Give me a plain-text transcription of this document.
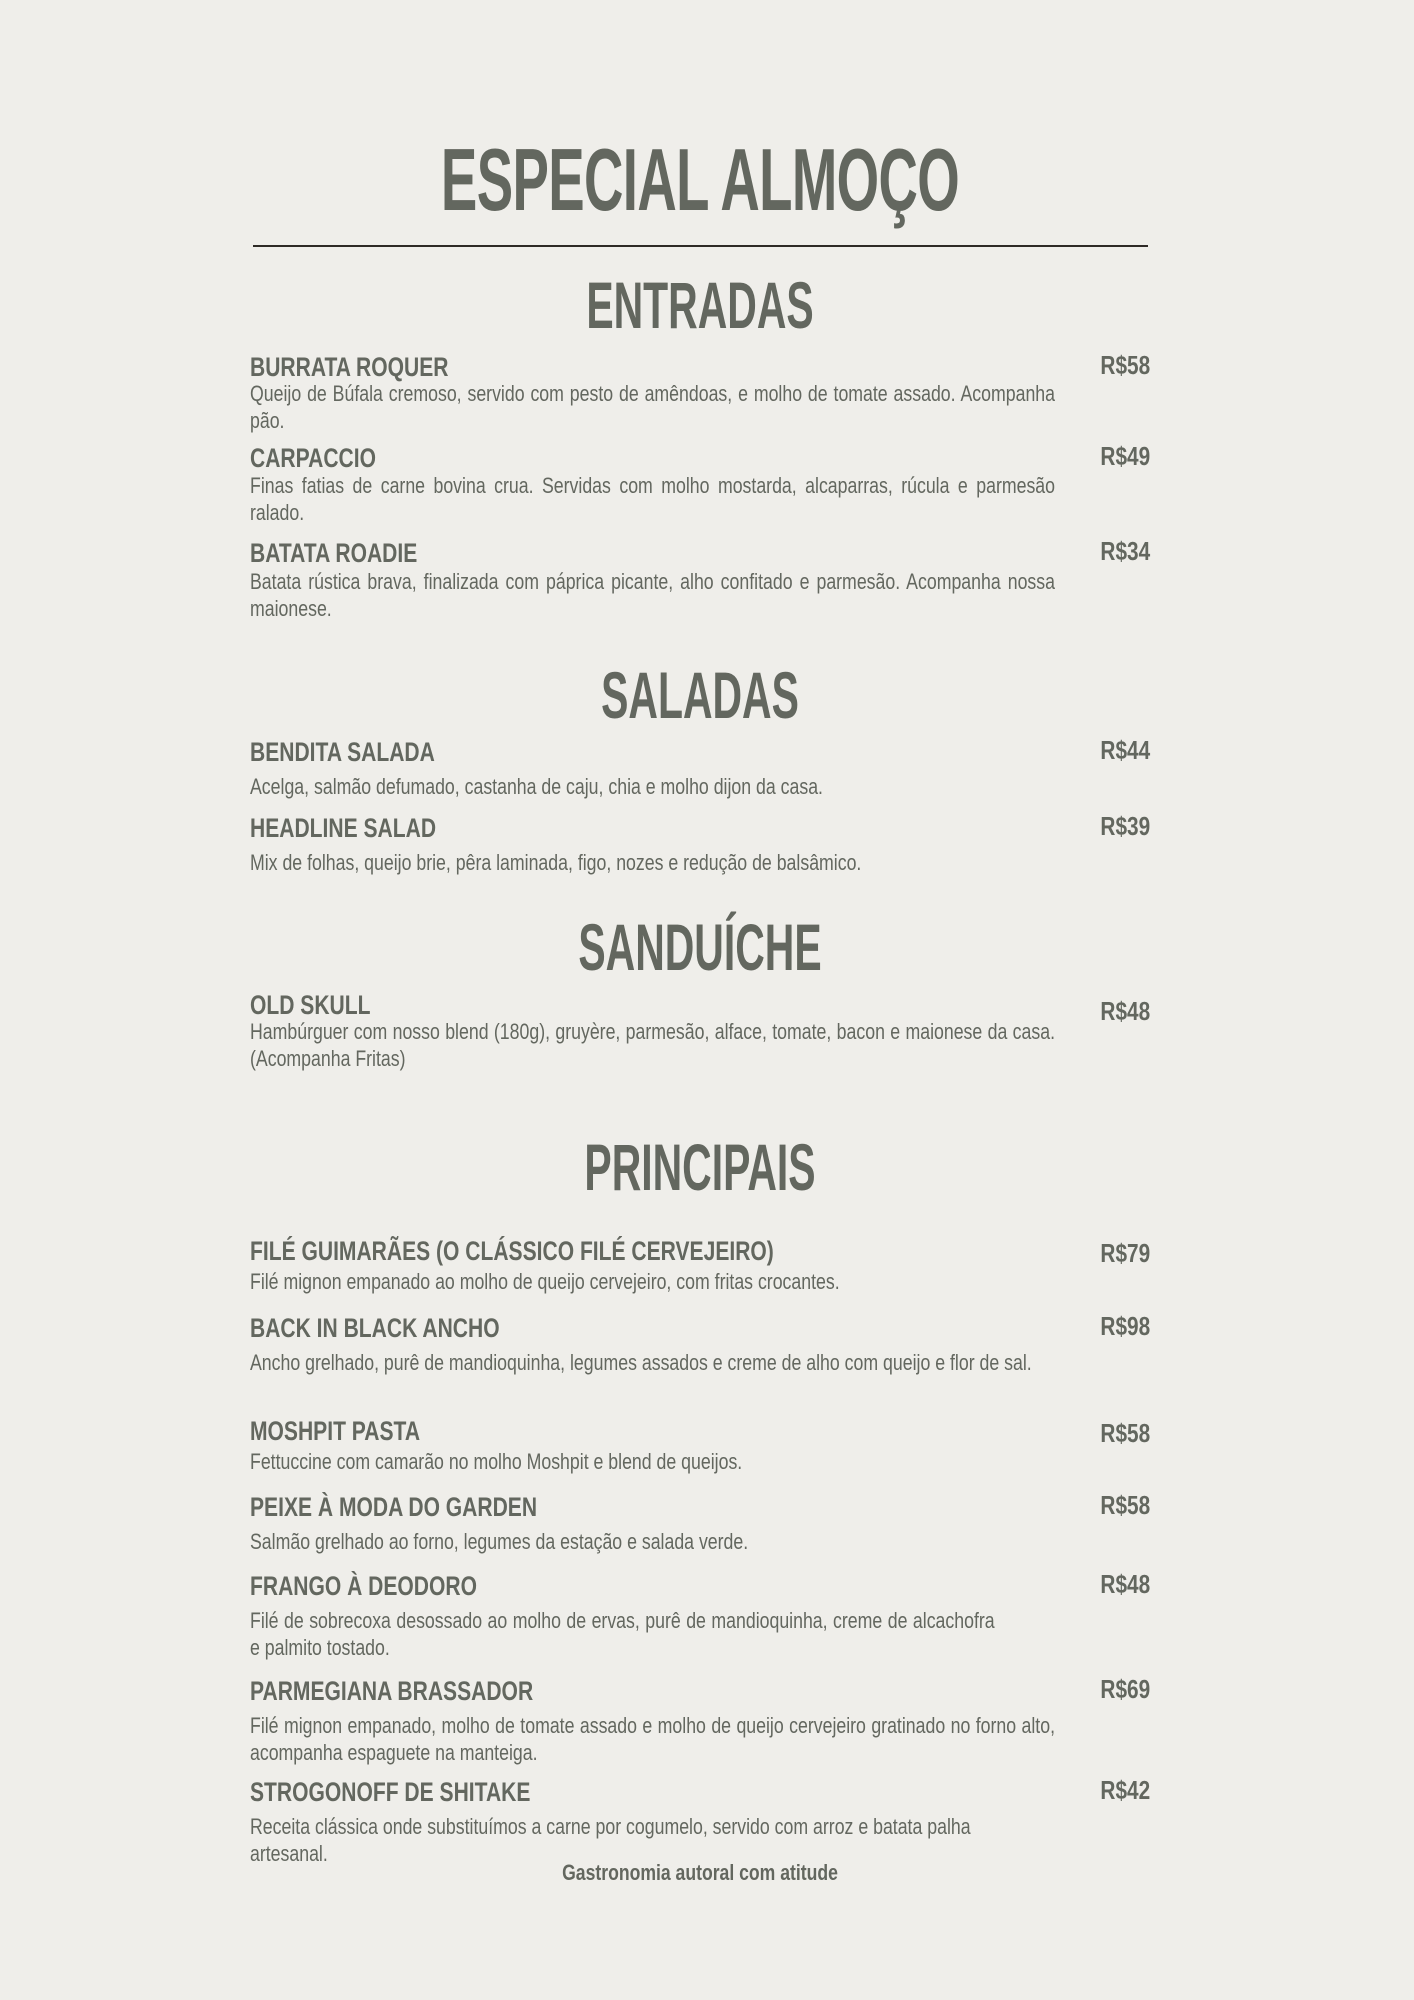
ESPECIAL ALMOÇO
ENTRADAS
BURRATA ROQUER	R$58
Queijo de Búfala cremoso, servido com pesto de amêndoas, e molho de tomate assado. Acompanha pão.
CARPACCIO	R$49
Finas fatias de carne bovina crua. Servidas com molho mostarda, alcaparras, rúcula e parmesão ralado.
BATATA ROADIE	R$34
Batata rústica brava, finalizada com páprica picante, alho confitado e parmesão. Acompanha nossa maionese.
SALADAS
BENDITA SALADA	R$44
Acelga, salmão defumado, castanha de caju, chia e molho dijon da casa.
HEADLINE SALAD	R$39
Mix de folhas, queijo brie, pêra laminada, figo, nozes e redução de balsâmico.
SANDUÍCHE
OLD SKULL	R$48
Hambúrguer com nosso blend (180g), gruyère, parmesão, alface, tomate, bacon e maionese da casa. (Acompanha Fritas)
PRINCIPAIS
FILÉ GUIMARÃES (O CLÁSSICO FILÉ CERVEJEIRO)	R$79
Filé mignon empanado ao molho de queijo cervejeiro, com fritas crocantes.
BACK IN BLACK ANCHO	R$98
Ancho grelhado, purê de mandioquinha, legumes assados e creme de alho com queijo e flor de sal.
MOSHPIT PASTA	R$58
Fettuccine com camarão no molho Moshpit e blend de queijos.
PEIXE À MODA DO GARDEN	R$58
Salmão grelhado ao forno, legumes da estação e salada verde.
FRANGO À DEODORO	R$48
Filé de sobrecoxa desossado ao molho de ervas, purê de mandioquinha, creme de alcachofra e palmito tostado.
PARMEGIANA BRASSADOR	R$69
Filé mignon empanado, molho de tomate assado e molho de queijo cervejeiro gratinado no forno alto, acompanha espaguete na manteiga.
STROGONOFF DE SHITAKE	R$42
Receita clássica onde substituímos a carne por cogumelo, servido com arroz e batata palha artesanal.
Gastronomia autoral com atitude
